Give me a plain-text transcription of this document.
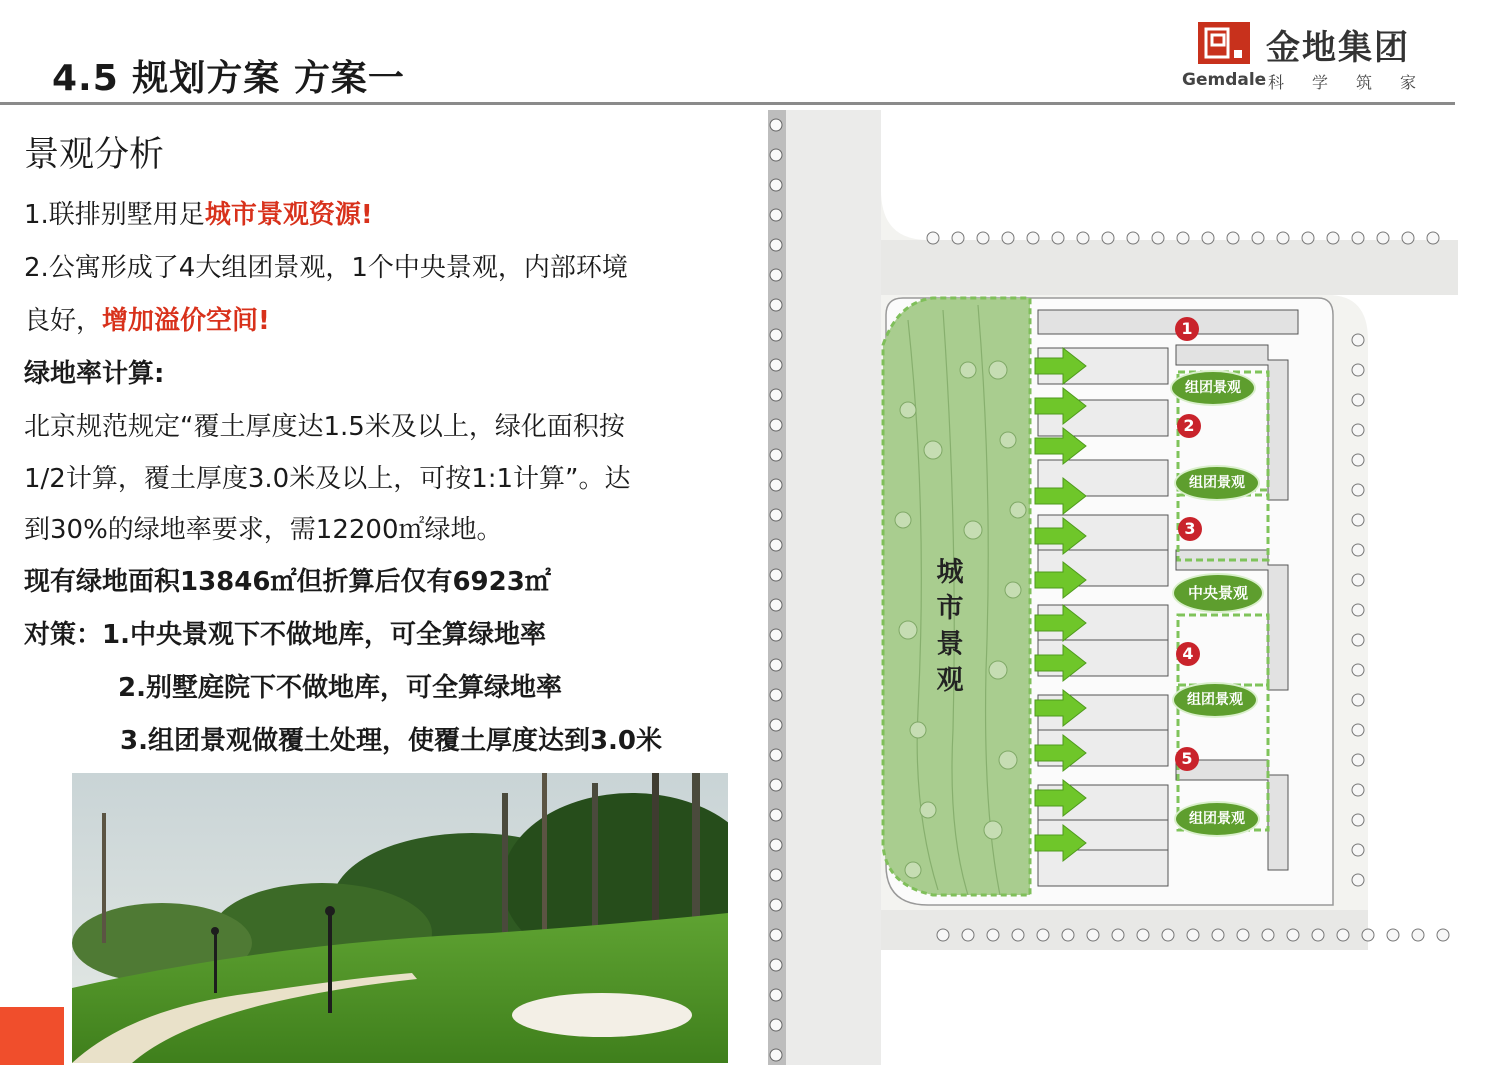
4.5 规划方案 方案一
金地集团
Gemdale 科学筑家
景观分析
1.联排别墅用足城市景观资源!
2.公寓形成了4大组团景观，1个中央景观，内部环境
良好，增加溢价空间!
绿地率计算:
北京规范规定“覆土厚度达1.5米及以上，绿化面积按
1/2计算，覆土厚度3.0米及以上，可按1:1计算”。达
到30%的绿地率要求，需12200㎡绿地。
现有绿地面积13846㎡但折算后仅有6923㎡
对策：1.中央景观下不做地库，可全算绿地率
2.别墅庭院下不做地库，可全算绿地率
3.组团景观做覆土处理，使覆土厚度达到3.0米
城
市
景
观
组团景观
组团景观
中央景观
组团景观
组团景观
1
2
3
4
5
